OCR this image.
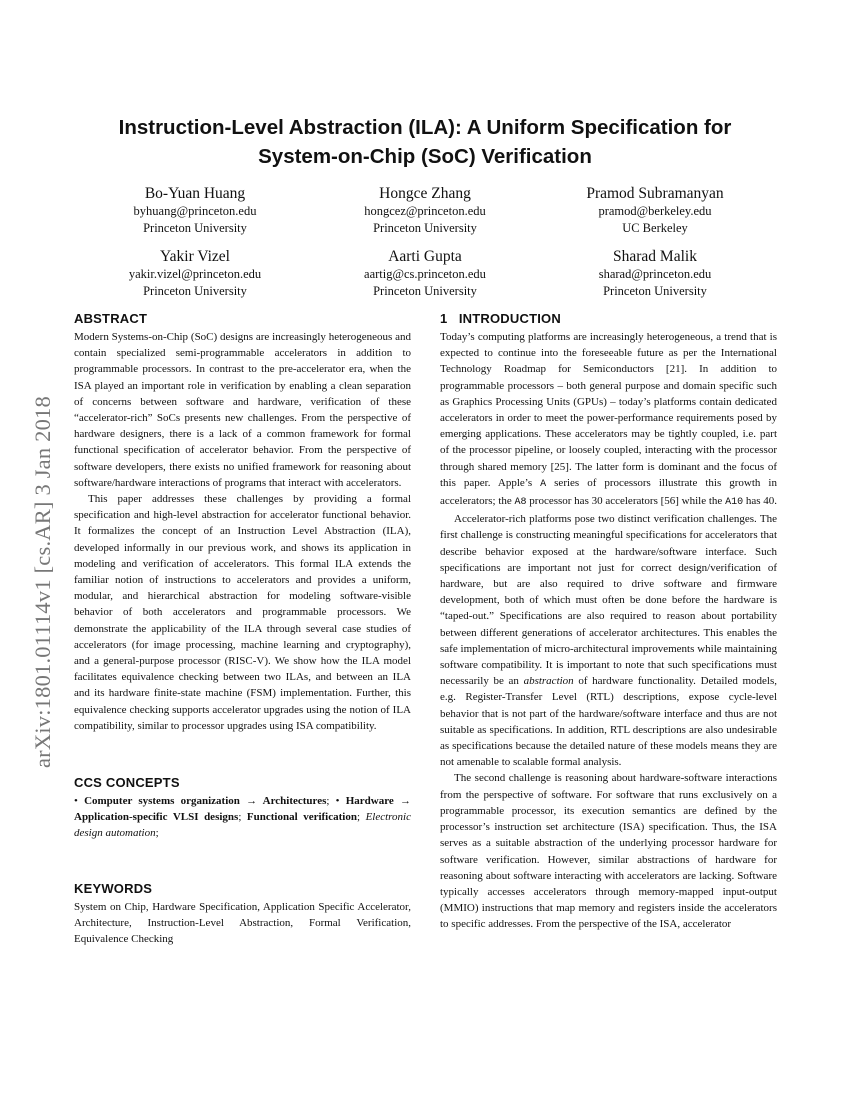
arXiv:1801.01114v1 [cs.AR] 3 Jan 2018
Instruction-Level Abstraction (ILA): A Uniform Specification for
System-on-Chip (SoC) Verification
Bo-Yuan Huang
byhuang@princeton.edu
Princeton University
Hongce Zhang
hongcez@princeton.edu
Princeton University
Pramod Subramanyan
pramod@berkeley.edu
UC Berkeley
Yakir Vizel
yakir.vizel@princeton.edu
Princeton University
Aarti Gupta
aartig@cs.princeton.edu
Princeton University
Sharad Malik
sharad@princeton.edu
Princeton University
ABSTRACT

Modern Systems-on-Chip (SoC) designs are increasingly heterogeneous and contain specialized semi-programmable accelerators in addition to programmable processors. In contrast to the pre-accelerator era, when the ISA played an important role in verification by enabling a clean separation of concerns between software and hardware, verification of these “accelerator-rich” SoCs presents new challenges. From the perspective of hardware designers, there is a lack of a common framework for formal functional specification of accelerator behavior. From the perspective of software developers, there exists no unified framework for reasoning about software/hardware interactions of programs that interact with accelerators.

This paper addresses these challenges by providing a formal specification and high-level abstraction for accelerator functional behavior. It formalizes the concept of an Instruction Level Abstraction (ILA), developed informally in our previous work, and shows its application in modeling and verification of accelerators. This formal ILA extends the familiar notion of instructions to accelerators and provides a uniform, modular, and hierarchical abstraction for modeling software-visible behavior of both accelerators and programmable processors. We demonstrate the applicability of the ILA through several case studies of accelerators (for image processing, machine learning and cryptography), and a general-purpose processor (RISC-V). We show how the ILA model facilitates equivalence checking between two ILAs, and between an ILA and its hardware finite-state machine (FSM) implementation. Further, this equivalence checking supports accelerator upgrades using the notion of ILA compatibility, similar to processor upgrades using ISA compatibility.

CCS CONCEPTS

• Computer systems organization → Architectures; • Hardware → Application-specific VLSI designs; Functional verification; Electronic design automation;

KEYWORDS

System on Chip, Hardware Specification, Application Specific Accelerator, Architecture, Instruction-Level Abstraction, Formal Verification, Equivalence Checking

1   INTRODUCTION

Today’s computing platforms are increasingly heterogeneous, a trend that is expected to continue into the foreseeable future as per the International Technology Roadmap for Semiconductors [21]. In addition to programmable processors – both general purpose and domain specific such as Graphics Processing Units (GPUs) – today’s platforms contain dedicated accelerators in order to meet the power-performance requirements posed by emerging applications. These accelerators may be tightly coupled, i.e. part of the processor pipeline, or loosely coupled, interacting with the processor through shared memory [25]. The latter form is dominant and the focus of this paper. Apple’s A series of processors illustrate this growth in accelerators; the A8 processor has 30 accelerators [56] while the A10 has 40.

Accelerator-rich platforms pose two distinct verification challenges. The first challenge is constructing meaningful specifications for accelerators that describe behavior exposed at the hardware/software interface. Such specifications are important not just for correct design/verification of hardware, but are also required to drive software and firmware development, both of which must often be done before the hardware is “taped-out.” Specifications are also required to reason about portability between different generations of accelerator architectures. This enables the safe implementation of micro-architectural improvements while maintaining software compatibility. It is important to note that such specifications must necessarily be an abstraction of hardware functionality. Detailed models, e.g. Register-Transfer Level (RTL) descriptions, expose cycle-level behavior that is not part of the hardware/software interface and thus are not suitable as specifications. In addition, RTL descriptions are also undesirable as specifications because the detailed nature of these models means they are not amenable to scalable formal analysis.

The second challenge is reasoning about hardware-software interactions from the perspective of software. For software that runs exclusively on a programmable processor, its execution semantics are defined by the processor’s instruction set architecture (ISA) specification. Thus, the ISA serves as a suitable abstraction of the underlying processor hardware for software verification. However, similar abstractions of hardware for reasoning about software interacting with accelerators are lacking. Software typically accesses accelerators through memory-mapped input-output (MMIO) instructions that map memory and registers inside the accelerators to specific addresses. From the perspective of the ISA, accelerator
